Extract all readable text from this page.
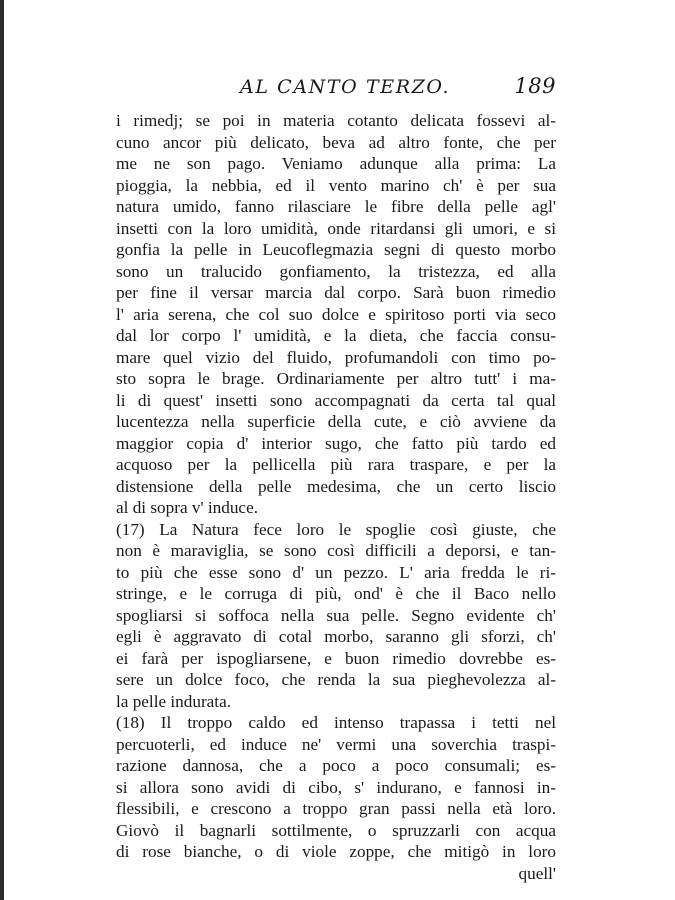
AL CANTO TERZO.	189
i rimedj; se poi in materia cotanto delicata fossevi al-
cuno ancor più delicato, beva ad altro fonte, che per
me ne son pago. Veniamo adunque alla prima: La
pioggia, la nebbia, ed il vento marino ch' è per sua
natura umido, fanno rilasciare le fibre della pelle agl'
insetti con la loro umidità, onde ritardansi gli umori, e si
gonfia la pelle in Leucoflegmazia segni di questo morbo
sono un tralucido gonfiamento, la tristezza, ed alla
per fine il versar marcia dal corpo. Sarà buon rimedio
l' aria serena, che col suo dolce e spiritoso porti via seco
dal lor corpo l' umidità, e la dieta, che faccia consu-
mare quel vizio del fluido, profumandoli con timo po-
sto sopra le brage. Ordinariamente per altro tutt' i ma-
li di quest' insetti sono accompagnati da certa tal qual
lucentezza nella superficie della cute, e ciò avviene da
maggior copia d' interior sugo, che fatto più tardo ed
acquoso per la pellicella più rara traspare, e per la
distensione della pelle medesima, che un certo liscio
al di sopra v' induce.
(17) La Natura fece loro le spoglie così giuste, che
non è maraviglia, se sono così difficili a deporsi, e tan-
to più che esse sono d' un pezzo. L' aria fredda le ri-
stringe, e le corruga di più, ond' è che il Baco nello
spogliarsi si soffoca nella sua pelle. Segno evidente ch'
egli è aggravato di cotal morbo, saranno gli sforzi, ch'
ei farà per ispogliarsene, e buon rimedio dovrebbe es-
sere un dolce foco, che renda la sua pieghevolezza al-
la pelle indurata.
(18) Il troppo caldo ed intenso trapassa i tetti nel
percuoterli, ed induce ne' vermi una soverchia traspi-
razione dannosa, che a poco a poco consumali; es-
si allora sono avidi di cibo, s' indurano, e fannosi in-
flessibili, e crescono a troppo gran passi nella età loro.
Giovò il bagnarli sottilmente, o spruzzarli con acqua
di rose bianche, o di viole zoppe, che mitigò in loro
quell'
